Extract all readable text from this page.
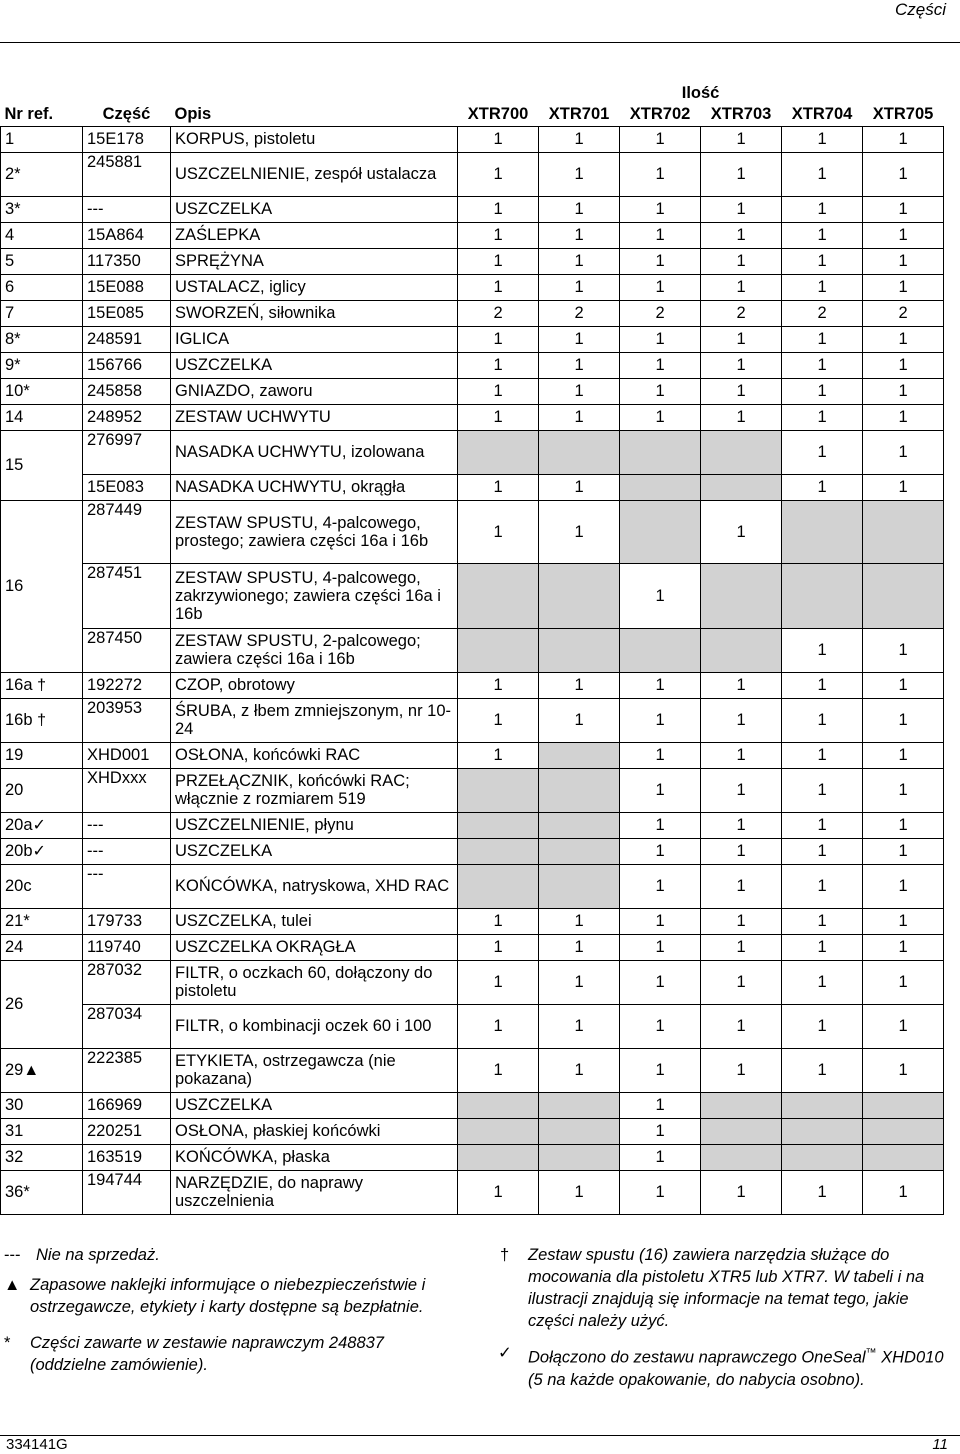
Części
			Ilość					
Nr ref.	Część	Opis	XTR700	XTR701	XTR702	XTR703	XTR704	XTR705
1	15E178	KORPUS, pistoletu	1	1	1	1	1	1
2*	245881	USZCZELNIENIE, zespół ustalacza	1	1	1	1	1	1
3*	---	USZCZELKA	1	1	1	1	1	1
4	15A864	ZAŚLEPKA	1	1	1	1	1	1
5	117350	SPRĘŻYNA	1	1	1	1	1	1
6	15E088	USTALACZ, iglicy	1	1	1	1	1	1
7	15E085	SWORZEŃ, siłownika	2	2	2	2	2	2
8*	248591	IGLICA	1	1	1	1	1	1
9*	156766	USZCZELKA	1	1	1	1	1	1
10*	245858	GNIAZDO, zaworu	1	1	1	1	1	1
14	248952	ZESTAW UCHWYTU	1	1	1	1	1	1
15	276997	NASADKA UCHWYTU, izolowana					1	1
	15E083	NASADKA UCHWYTU, okrągła	1	1			1	1
16	287449	ZESTAW SPUSTU, 4-palcowego, prostego; zawiera części 16a i 16b	1	1		1		
	287451	ZESTAW SPUSTU, 4-palcowego, zakrzywionego; zawiera części 16a i 16b			1			
	287450	ZESTAW SPUSTU, 2-palcowego; zawiera części 16a i 16b					1	1
16a †	192272	CZOP, obrotowy	1	1	1	1	1	1
16b †	203953	ŚRUBA, z łbem zmniejszonym, nr 10-24	1	1	1	1	1	1
19	XHD001	OSŁONA, końcówki RAC	1		1	1	1	1
20	XHDxxx	PRZEŁĄCZNIK, końcówki RAC; włącznie z rozmiarem 519			1	1	1	1
20a✓	---	USZCZELNIENIE, płynu			1	1	1	1
20b✓	---	USZCZELKA			1	1	1	1
20c	---	KOŃCÓWKA, natryskowa, XHD RAC			1	1	1	1
21*	179733	USZCZELKA, tulei	1	1	1	1	1	1
24	119740	USZCZELKA OKRĄGŁA	1	1	1	1	1	1
26	287032	FILTR, o oczkach 60, dołączony do pistoletu	1	1	1	1	1	1
	287034	FILTR, o kombinacji oczek 60 i 100	1	1	1	1	1	1
29▲	222385	ETYKIETA, ostrzegawcza (nie pokazana)	1	1	1	1	1	1
30	166969	USZCZELKA			1			
31	220251	OSŁONA, płaskiej końcówki			1			
32	163519	KOŃCÓWKA, płaska			1			
36*	194744	NARZĘDZIE, do naprawy uszczelnienia	1	1	1	1	1	1
--- Nie na sprzedaż.
▲ Zapasowe naklejki informujące o niebezpieczeństwie i ostrzegawcze, etykiety i karty dostępne są bezpłatnie.
* Części zawarte w zestawie naprawczym 248837 (oddzielne zamówienie).
† Zestaw spustu (16) zawiera narzędzia służące do mocowania dla pistoletu XTR5 lub XTR7. W tabeli i na ilustracji znajdują się informacje na temat tego, jakie części należy użyć.
✓ Dołączono do zestawu naprawczego OneSeal™ XHD010 (5 na każde opakowanie, do nabycia osobno).
334141G	11
